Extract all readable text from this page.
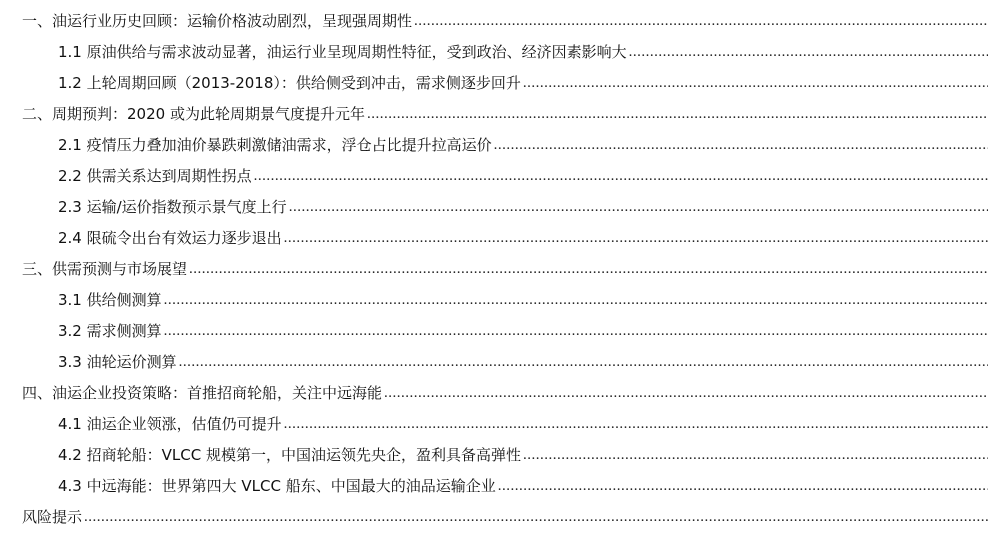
一、油运行业历史回顾：运输价格波动剧烈，呈现强周期性
.....
1.1 原油供给与需求波动显著，油运行业呈现周期性特征，受到政治、经济因素影响大
.....
1.2 上轮周期回顾（2013-2018）：供给侧受到冲击，需求侧逐步回升
.....
二、周期预判：2020 或为此轮周期景气度提升元年
.....
2.1 疫情压力叠加油价暴跌刺激储油需求，浮仓占比提升拉高运价
.....
2.2 供需关系达到周期性拐点
.....
2.3 运输/运价指数预示景气度上行
.....
2.4 限硫令出台有效运力逐步退出
.....
三、供需预测与市场展望
.....
3.1 供给侧测算
.....
3.2 需求侧测算
.....
3.3 油轮运价测算
.....
四、油运企业投资策略：首推招商轮船，关注中远海能
.....
4.1 油运企业领涨，估值仍可提升
.....
4.2 招商轮船：VLCC 规模第一，中国油运领先央企，盈利具备高弹性
.....
4.3 中远海能：世界第四大 VLCC 船东、中国最大的油品运输企业
.....
风险提示
.....
